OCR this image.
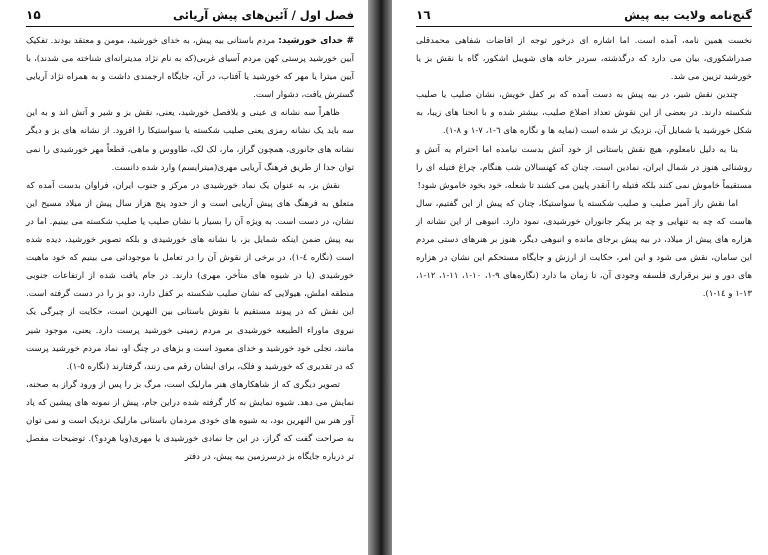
فصل اول / آئین‌های پیش آریائی
۱۵

# خدای خورشید: مردم باستانی بیه پیش، به خدای خورشید، مومن و معتقد بودند. تفکیک آیین خورشید پرستی کهن مردم آسیای غربی(که به نام نژاد مدیترانه‌ای شناخته می شدند)، با آیین میترا یا مهر که خورشید یا آفتاب، در آن، جایگاه ارجمندی داشت و به همراه نژاد آریایی گسترش یافت، دشوار است.

ظاهراً سه نشانه ی عینی و بلافصل خورشید، یعنی، نقش بز و شیر و آتش اند و به این سه باید یک نشانه رمزی یعنی صلیب شکسته یا سواستیکا را افزود. از نشانه های بز و دیگر نشانه های جانوری، همچون گراز، مار، لک لک، طاووس و ماهی، قطعاً مهر خورشیدی را نمی توان جدا از طریق فرهنگ آریایی مهری(میترایسم) وارد شده دانست.

نقش بز، به عنوان یک نماد خورشیدی در مرکز و جنوب ایران، فراوان بدست آمده که متعلق به فرهنگ های پیش آریایی است و از حدود پنج هزار سال پیش از میلاد مسیح این نشان، در دست است. به ویژه آن را بسیار با نشان صلیب یا صلیب شکسته می بینیم. اما در بیه پیش ضمن اینکه شمایل بز، با نشانه های خورشیدی و بلکه تصویر خورشید، دیده شده است (نگاره ٤-١)، در برخی از نقوش آن را در تعامل با موجوداتی می بینیم که خود ماهیت خورشیدی (یا در شیوه های متأخر، مهری) دارند. در جام یافت شده از ارتفاعات جنوبی منطقه املش، هیولایی که نشان صلیب شکسته بر کفل دارد، دو بز را در دست گرفته است. این نقش که در پیوند مستقیم با نقوش باستانی بین النهرین است، حکایت از چیرگی یک نیروی ماوراء الطبیعه خورشیدی بر مردم زمینی خورشید پرست دارد. یعنی، موجود شیر مانند، تجلی خود خورشید و خدای معبود است و بزهای در چنگ او، نماد مردم خورشید پرست که در تقدیری که خورشید و فلک، برای ایشان رقم می زنند، گرفتارند (نگاره ٥-١).

تصویر دیگری که از شاهکارهای هنر مارلیک است، مرگ بز را پس از ورود گراز به صحنه، نمایش می دهد. شیوه نمایش به کار گرفته شده دراین جام، پیش از نمونه های پیشین که یاد آور هنر بین النهرین بود، به شیوه های خودی مردمان باستانی مارلیک نزدیک است و نمی توان به صراحت گفت که گراز، در این جا نمادی خورشیدی یا مهری(ویا هرِدو؟). توضیحات مفصل تر درباره جایگاه بز درسرزمین بیه پیش، در دفتر

گنج‌نامه ولایت بیه پیش
۱٦

نخست همین نامه، آمده است. اما اشاره ای درخور توجه از افاضات شفاهی محمدقلی صدراشکوری، بیان می دارد که درگذشته، سردر خانه های شویبل اشکور، گاه با نقش بز یا خورشید تزیین می شد.

چندین نقش شیر، در بیه پیش به دست آمده که بر کفل خویش، نشان صلیب یا صلیب شکسته دارند. در بعضی از این نقوش تعداد اضلاع صلیب، بیشتر شده و با انحنا های زیبا، به شکل خورشید یا شمایل آن، نزدیک تر شده است (نمایه ها و نگاره های ٦-١، ٧-١ و ٨-١).

بنا به دلیل نامعلوم، هیچ نقش باستانی از خود آتش بدست نیامده اما احترام به آتش و روشنائی هنوز در شمال ایران، نمادین است. چنان که کهنسالان شب هنگام، چراغ فتیله ای را مستقیماً خاموش نمی کنند بلکه فتیله را آنقدر پایین می کشند تا شعله، خود بخود خاموش شود!

اما نقش راز آمیز صلیب و صلیب شکسته یا سواستیکا، چنان که پیش از این گفتیم، سال هاست که چه به تنهایی و چه بر پیکر جانوران خورشیدی، نمود دارد. انبوهی از این نشانه از هزاره های پیش از میلاد، در بیه پیش برجای مانده و انبوهی دیگر، هنوز بر هنرهای دستی مردم این سامان، نقش می شود و این امر، حکایت از ارزش و جایگاه مستحکم این نشان در هزاره های دور و نیز برقراری فلسفه وجودی آن، تا زمان ما دارد (نگاره‌های ٩-١، ١٠-١، ١١-١، ١٢-١، ١٣-١ و ١٤-١).
